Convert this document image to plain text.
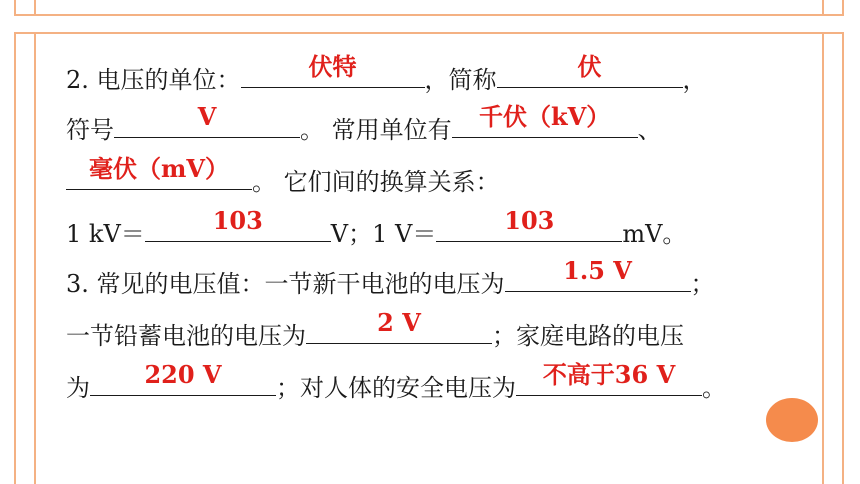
2. 电压的单位：	伏特	，简称	伏	，
符号	V	。 常用单位有	千伏（kV）	、
毫伏（mV） 。 它们间的换算关系：
1 kV＝	103	V；1 V＝	103	mV。
3. 常见的电压值：一节新干电池的电压为	1.5 V	；
一节铅蓄电池的电压为	2 V	；家庭电路的电压
为	220 V	；对人体的安全电压为	不高于36 V	。
